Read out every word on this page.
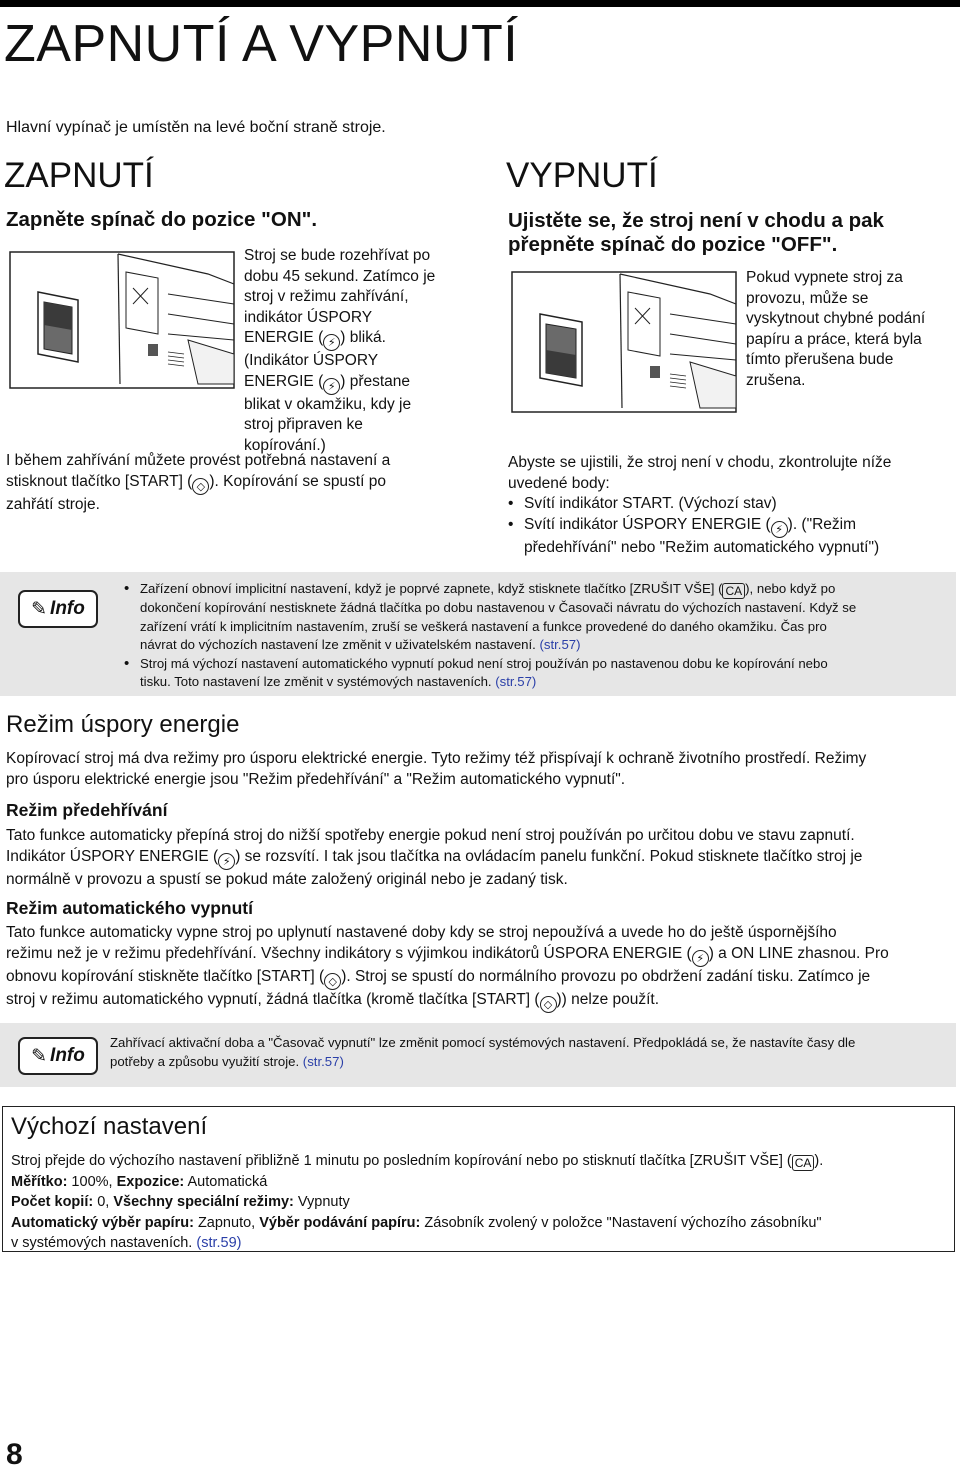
ZAPNUTÍ A VYPNUTÍ

Hlavní vypínač je umístěn na levé boční straně stroje.

ZAPNUTÍ
Zapněte spínač do pozice "ON".

Stroj se bude rozehřívat po

dobu 45 sekund. Zatímco je

stroj v režimu zahřívání,

indikátor ÚSPORY

ENERGIE ( ⚡ ) bliká.

(Indikátor ÚSPORY

ENERGIE ( ⚡ ) přestane

blikat v okamžiku, kdy je

stroj připraven ke

kopírování.)

I během zahřívání můžete provést potřebná nastavení a

stisknout tlačítko [START] ( ◇ ). Kopírování se spustí po

zahřátí stroje.

VYPNUTÍ

Ujistěte se, že stroj není v chodu a pak

přepněte spínač do pozice "OFF".

Pokud vypnete stroj za

provozu, může se

vyskytnout chybné podání

papíru a práce, která byla

tímto přerušena bude

zrušena.

Abyste se ujistili, že stroj není v chodu, zkontrolujte níže

uvedené body:

• Svítí indikátor START. (Výchozí stav)

• Svítí indikátor ÚSPORY ENERGIE ( ⚡ ). ("Režim

předehřívání" nebo "Režim automatického vypnutí")

✎ Info
• Zařízení obnoví implicitní nastavení, když je poprvé zapnete, když stisknete tlačítko [ZRUŠIT VŠE] ( CA ), nebo když po
dokončení kopírování nestisknete žádná tlačítka po dobu nastavenou v Časovači návratu do výchozích nastavení. Když se
zařízení vrátí k implicitním nastavením, zruší se veškerá nastavení a funkce provedené do daného okamžiku. Čas pro
návrat do výchozích nastavení lze změnit v uživatelském nastavení. (str.57)
• Stroj má výchozí nastavení automatického vypnutí pokud není stroj používán po nastavenou dobu ke kopírování nebo
tisku. Toto nastavení lze změnit v systémových nastaveních. (str.57)
Režim úspory energie

Kopírovací stroj má dva režimy pro úsporu elektrické energie. Tyto režimy též přispívají k ochraně životního prostředí. Režimy

pro úsporu elektrické energie jsou "Režim předehřívání" a "Režim automatického vypnutí".

Režim předehřívání

Tato funkce automaticky přepíná stroj do nižší spotřeby energie pokud není stroj používán po určitou dobu ve stavu zapnutí.

Indikátor ÚSPORY ENERGIE ( ⚡ ) se rozsvítí. I tak jsou tlačítka na ovládacím panelu funkční. Pokud stisknete tlačítko stroj je

normálně v provozu a spustí se pokud máte založený originál nebo je zadaný tisk.

Režim automatického vypnutí

Tato funkce automaticky vypne stroj po uplynutí nastavené doby kdy se stroj nepoužívá a uvede ho do ještě úspornějšího

režimu než je v režimu předehřívání. Všechny indikátory s výjimkou indikátorů ÚSPORA ENERGIE ( ⚡ ) a ON LINE zhasnou. Pro

obnovu kopírování stiskněte tlačítko [START] ( ◇ ). Stroj se spustí do normálního provozu po obdržení zadání tisku. Zatímco je

stroj v režimu automatického vypnutí, žádná tlačítka (kromě tlačítka [START] ( ◇ )) nelze použít.

✎ Info
Zahřívací aktivační doba a "Časovač vypnutí" lze změnit pomocí systémových nastavení. Předpokládá se, že nastavíte časy dle
potřeby a způsobu využití stroje. (str.57)
Výchozí nastavení
Stroj přejde do výchozího nastavení přibližně 1 minutu po posledním kopírování nebo po stisknutí tlačítka [ZRUŠIT VŠE] ( CA ).
Měřítko: 100%, Expozice: Automatická
Počet kopií: 0, Všechny speciální režimy: Vypnuty
Automatický výběr papíru: Zapnuto, Výběr podávání papíru: Zásobník zvolený v položce "Nastavení výchozího zásobníku"
v systémových nastaveních. (str.59)
8
